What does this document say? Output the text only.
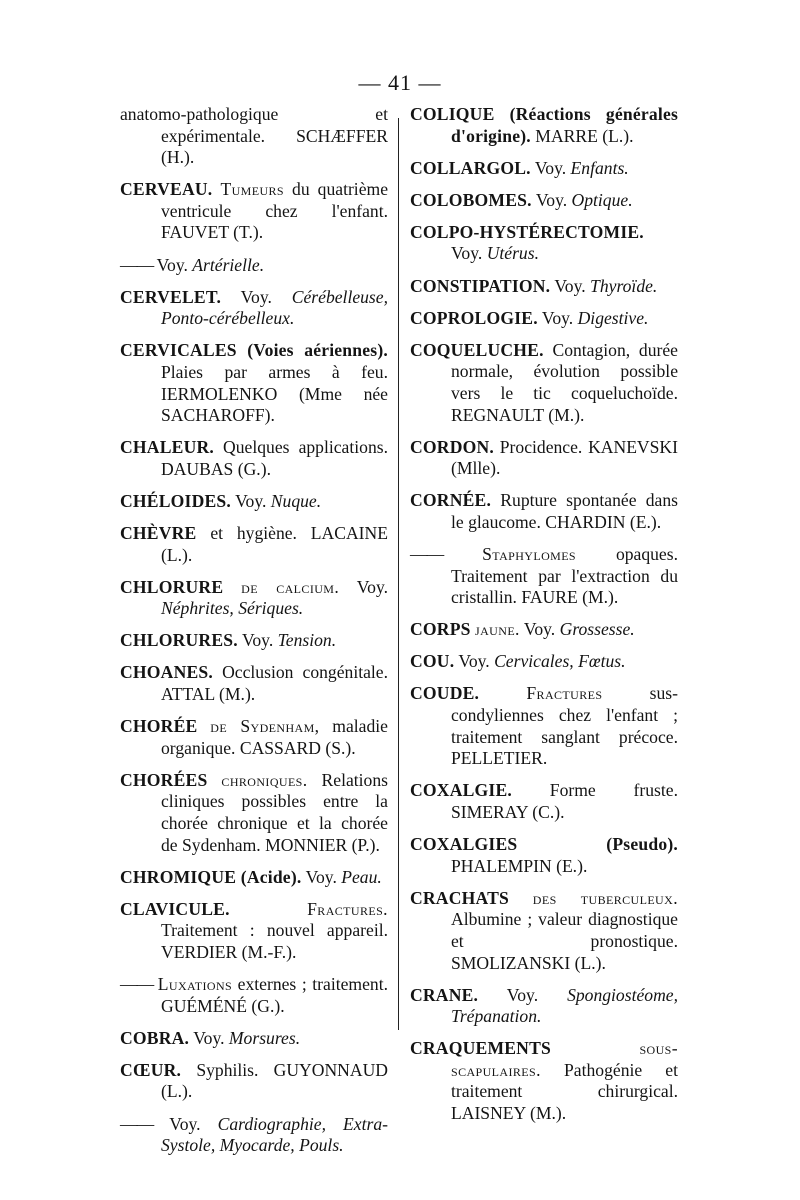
— 41 —
anatomo-pathologique et expérimentale. SCHÆFFER (H.).
CERVEAU. Tumeurs du quatrième ventricule chez l'enfant. FAUVET (T.).
—— Voy. Artérielle.
CERVELET. Voy. Cérébelleuse, Ponto-cérébelleux.
CERVICALES (Voies aériennes). Plaies par armes à feu. IERMOLENKO (Mme née SACHAROFF).
CHALEUR. Quelques applications. DAUBAS (G.).
CHÉLOIDES. Voy. Nuque.
CHÈVRE et hygiène. LACAINE (L.).
CHLORURE de calcium. Voy. Néphrites, Sériques.
CHLORURES. Voy. Tension.
CHOANES. Occlusion congénitale. ATTAL (M.).
CHORÉE de Sydenham, maladie organique. CASSARD (S.).
CHORÉES chroniques. Relations cliniques possibles entre la chorée chronique et la chorée de Sydenham. MONNIER (P.).
CHROMIQUE (Acide). Voy. Peau.
CLAVICULE.	Fractures. Traitement : nouvel appareil. VERDIER (M.-F.).
—— Luxations externes ; traitement. GUÉMÉNÉ (G.).
COBRA. Voy. Morsures.
CŒUR. Syphilis. GUYONNAUD (L.).
—— Voy. Cardiographie, Extra-Systole, Myocarde, Pouls.
COLIQUE (Réactions générales d'origine). MARRE (L.).
COLLARGOL. Voy. Enfants.
COLOBOMES. Voy. Optique.
COLPO-HYSTÉRECTOMIE. Voy. Utérus.
CONSTIPATION. Voy. Thyroïde.
COPROLOGIE. Voy. Digestive.
COQUELUCHE. Contagion, durée normale, évolution possible vers le tic coqueluchoïde. REGNAULT (M.).
CORDON. Procidence. KANEVSKI (Mlle).
CORNÉE. Rupture spontanée dans le glaucome. CHARDIN (E.).
—— Staphylomes opaques. Traitement par l'extraction du cristallin. FAURE (M.).
CORPS jaune. Voy. Grossesse.
COU. Voy. Cervicales, Fœtus.
COUDE.	Fractures sus-condyliennes chez l'enfant ; traitement sanglant précoce. PELLETIER.
COXALGIE. Forme fruste. SIMERAY (C.).
COXALGIES (Pseudo). PHALEMPIN (E.).
CRACHATS des tuberculeux. Albumine ; valeur diagnostique et pronostique. SMOLIZANSKI (L.).
CRANE. Voy. Spongiostéome, Trépanation.
CRAQUEMENTS	sous-scapulaires. Pathogénie et traitement chirurgical. LAISNEY (M.).
